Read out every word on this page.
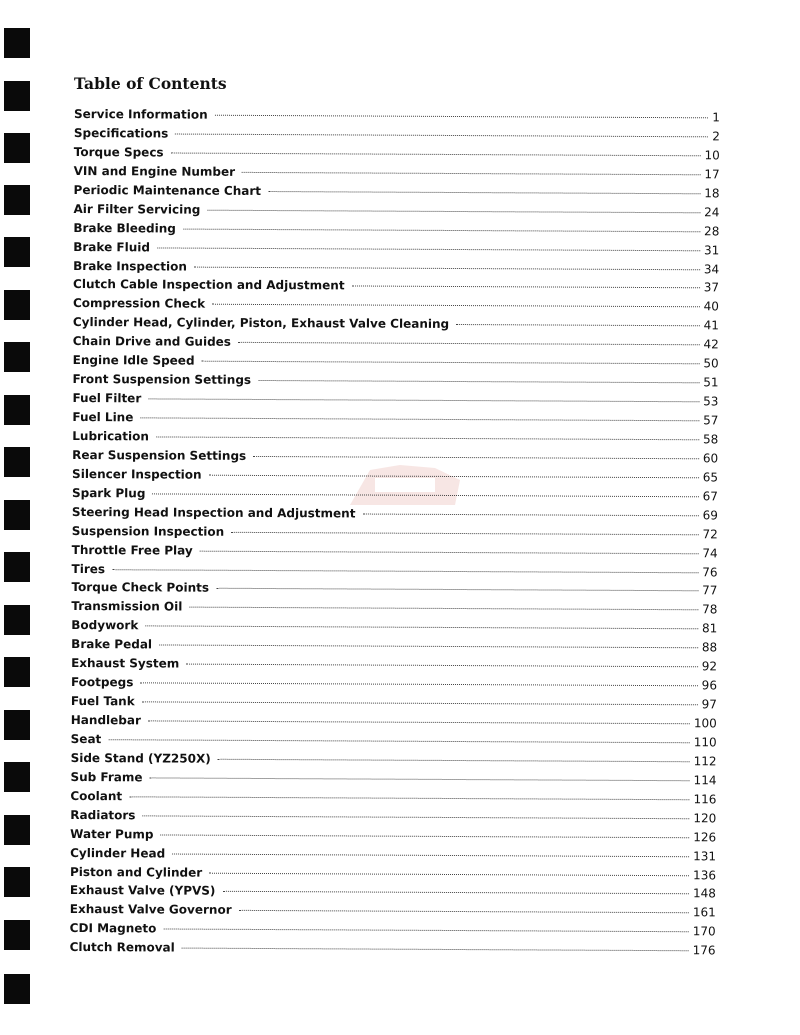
Table of Contents
Service Information	1
Specifications	2
Torque Specs	10
VIN and Engine Number	17
Periodic Maintenance Chart	18
Air Filter Servicing	24
Brake Bleeding	28
Brake Fluid	31
Brake Inspection	34
Clutch Cable Inspection and Adjustment	37
Compression Check	40
Cylinder Head, Cylinder, Piston, Exhaust Valve Cleaning	41
Chain Drive and Guides	42
Engine Idle Speed	50
Front Suspension Settings	51
Fuel Filter	53
Fuel Line	57
Lubrication	58
Rear Suspension Settings	60
Silencer Inspection	65
Spark Plug	67
Steering Head Inspection and Adjustment	69
Suspension Inspection	72
Throttle Free Play	74
Tires	76
Torque Check Points	77
Transmission Oil	78
Bodywork	81
Brake Pedal	88
Exhaust System	92
Footpegs	96
Fuel Tank	97
Handlebar	100
Seat	110
Side Stand (YZ250X)	112
Sub Frame	114
Coolant	116
Radiators	120
Water Pump	126
Cylinder Head	131
Piston and Cylinder	136
Exhaust Valve (YPVS)	148
Exhaust Valve Governor	161
CDI Magneto	170
Clutch Removal	176
